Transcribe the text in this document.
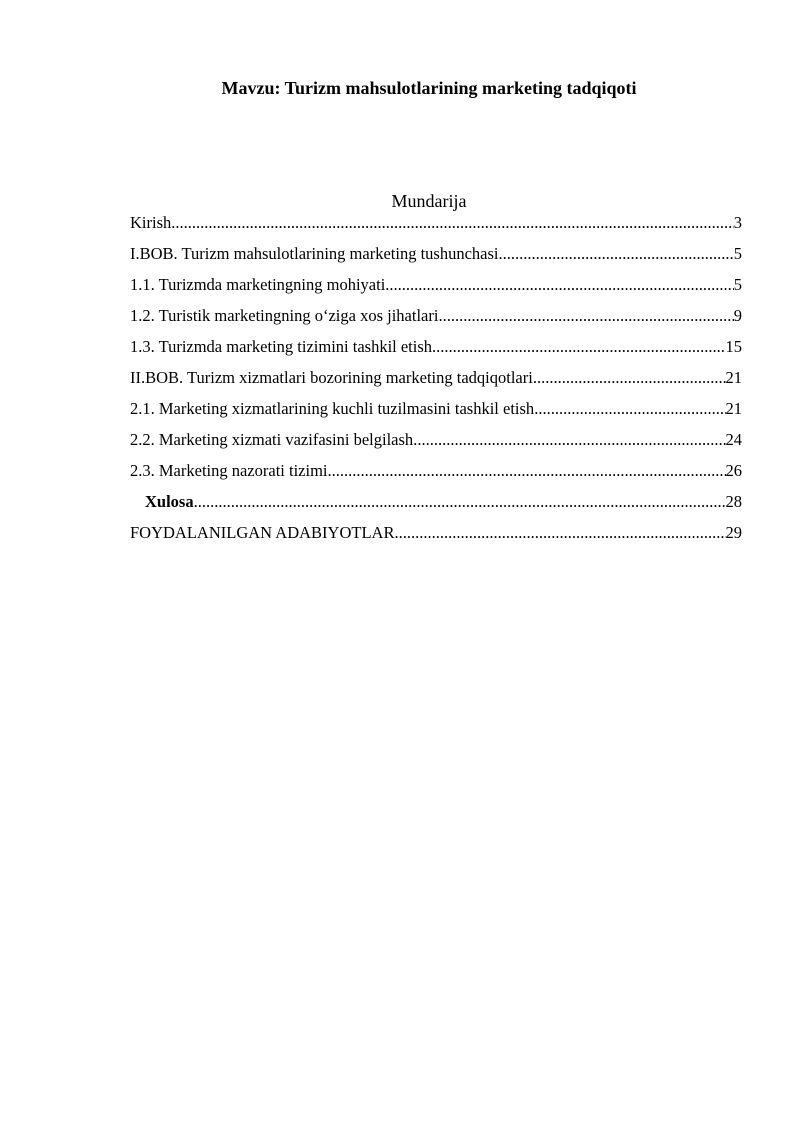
Mavzu: Turizm mahsulotlarining marketing tadqiqoti
Mundarija
Kirish .....	3
I.BOB. Turizm mahsulotlarining marketing tushunchasi .....	5
1.1. Turizmda marketingning mohiyati .....	5
1.2. Turistik marketingning o‘ziga xos jihatlari .....	9
1.3. Turizmda marketing tizimini tashkil etish .....	15
II.BOB. Turizm xizmatlari bozorining marketing tadqiqotlari .....	21
2.1. Marketing xizmatlarining kuchli tuzilmasini tashkil etish .....	21
2.2. Marketing xizmati vazifasini belgilash .....	24
2.3. Marketing nazorati tizimi .....	26
Xulosa .....	28
FOYDALANILGAN ADABIYOTLAR .....	29
